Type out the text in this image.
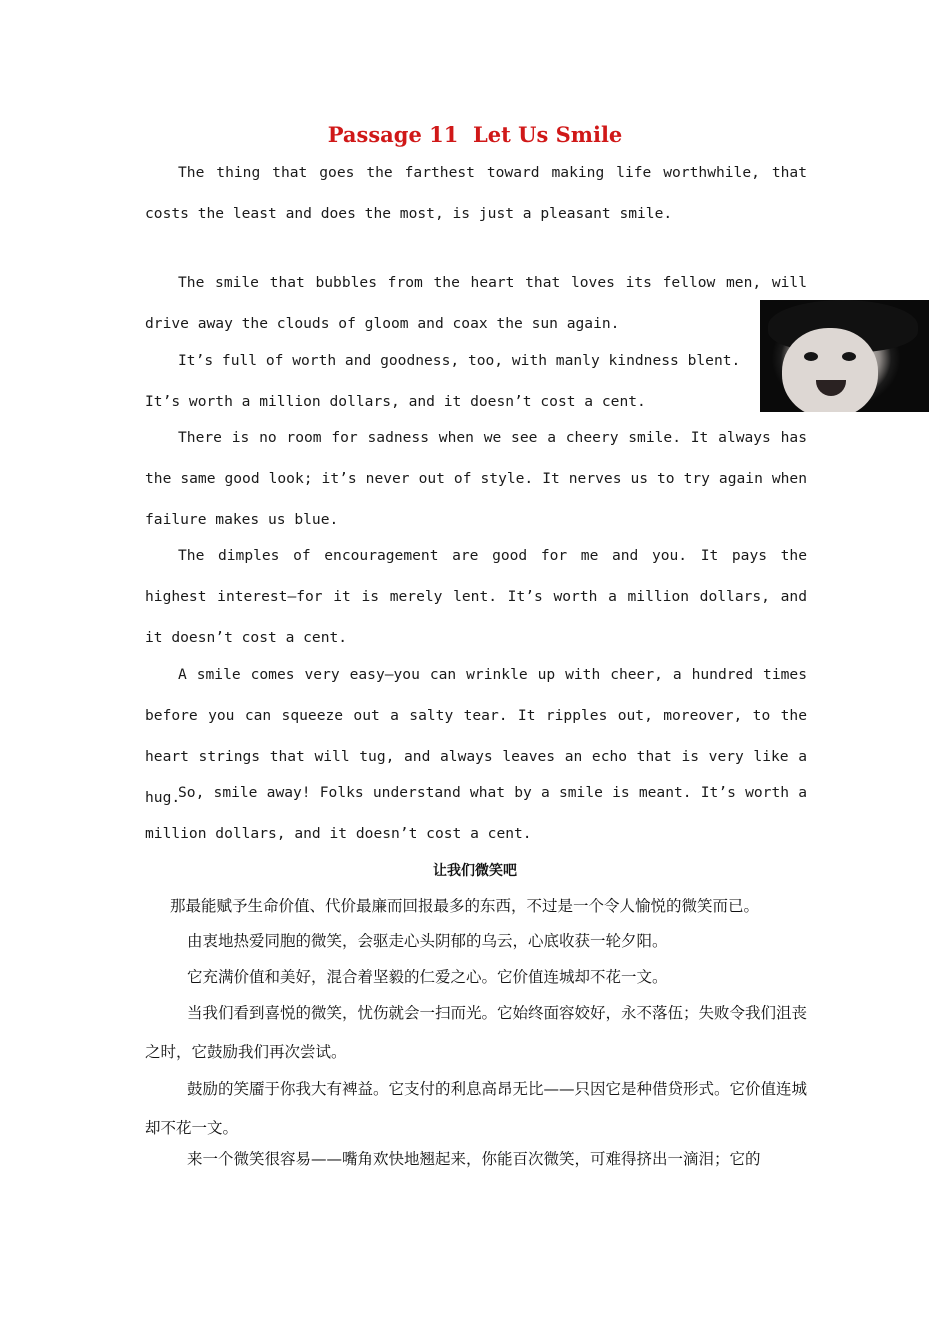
Passage 11  Let Us Smile

The thing that goes the farthest toward making life worthwhile, that costs the least and does the most, is just a pleasant smile.

The smile that bubbles from the heart that loves its fellow men, will drive away the clouds of gloom and coax the sun again.

It’s full of worth and goodness, too, with manly kindness blent.

It’s worth a million dollars, and it doesn’t cost a cent.

There is no room for sadness when we see a cheery smile. It always has the same good look; it’s never out of style. It nerves us to try again when failure makes us blue.

The dimples of encouragement are good for me and you. It pays the highest interest—for it is merely lent. It’s worth a million dollars, and it doesn’t cost a cent.

A smile comes very easy—you can wrinkle up with cheer, a hundred times before you can squeeze out a salty tear. It ripples out, moreover, to the heart strings that will tug, and always leaves an echo that is very like a hug.

So, smile away! Folks understand what by a smile is meant. It’s worth a million dollars, and it doesn’t cost a cent.

让我们微笑吧

那最能赋予生命价值、代价最廉而回报最多的东西，不过是一个令人愉悦的微笑而已。

由衷地热爱同胞的微笑，会驱走心头阴郁的乌云，心底收获一轮夕阳。

它充满价值和美好，混合着坚毅的仁爱之心。它价值连城却不花一文。

当我们看到喜悦的微笑，忧伤就会一扫而光。它始终面容姣好，永不落伍；失败令我们沮丧之时，它鼓励我们再次尝试。

鼓励的笑靥于你我大有裨益。它支付的利息高昂无比——只因它是种借贷形式。它价值连城却不花一文。

来一个微笑很容易——嘴角欢快地翘起来，你能百次微笑，可难得挤出一滴泪；它的
